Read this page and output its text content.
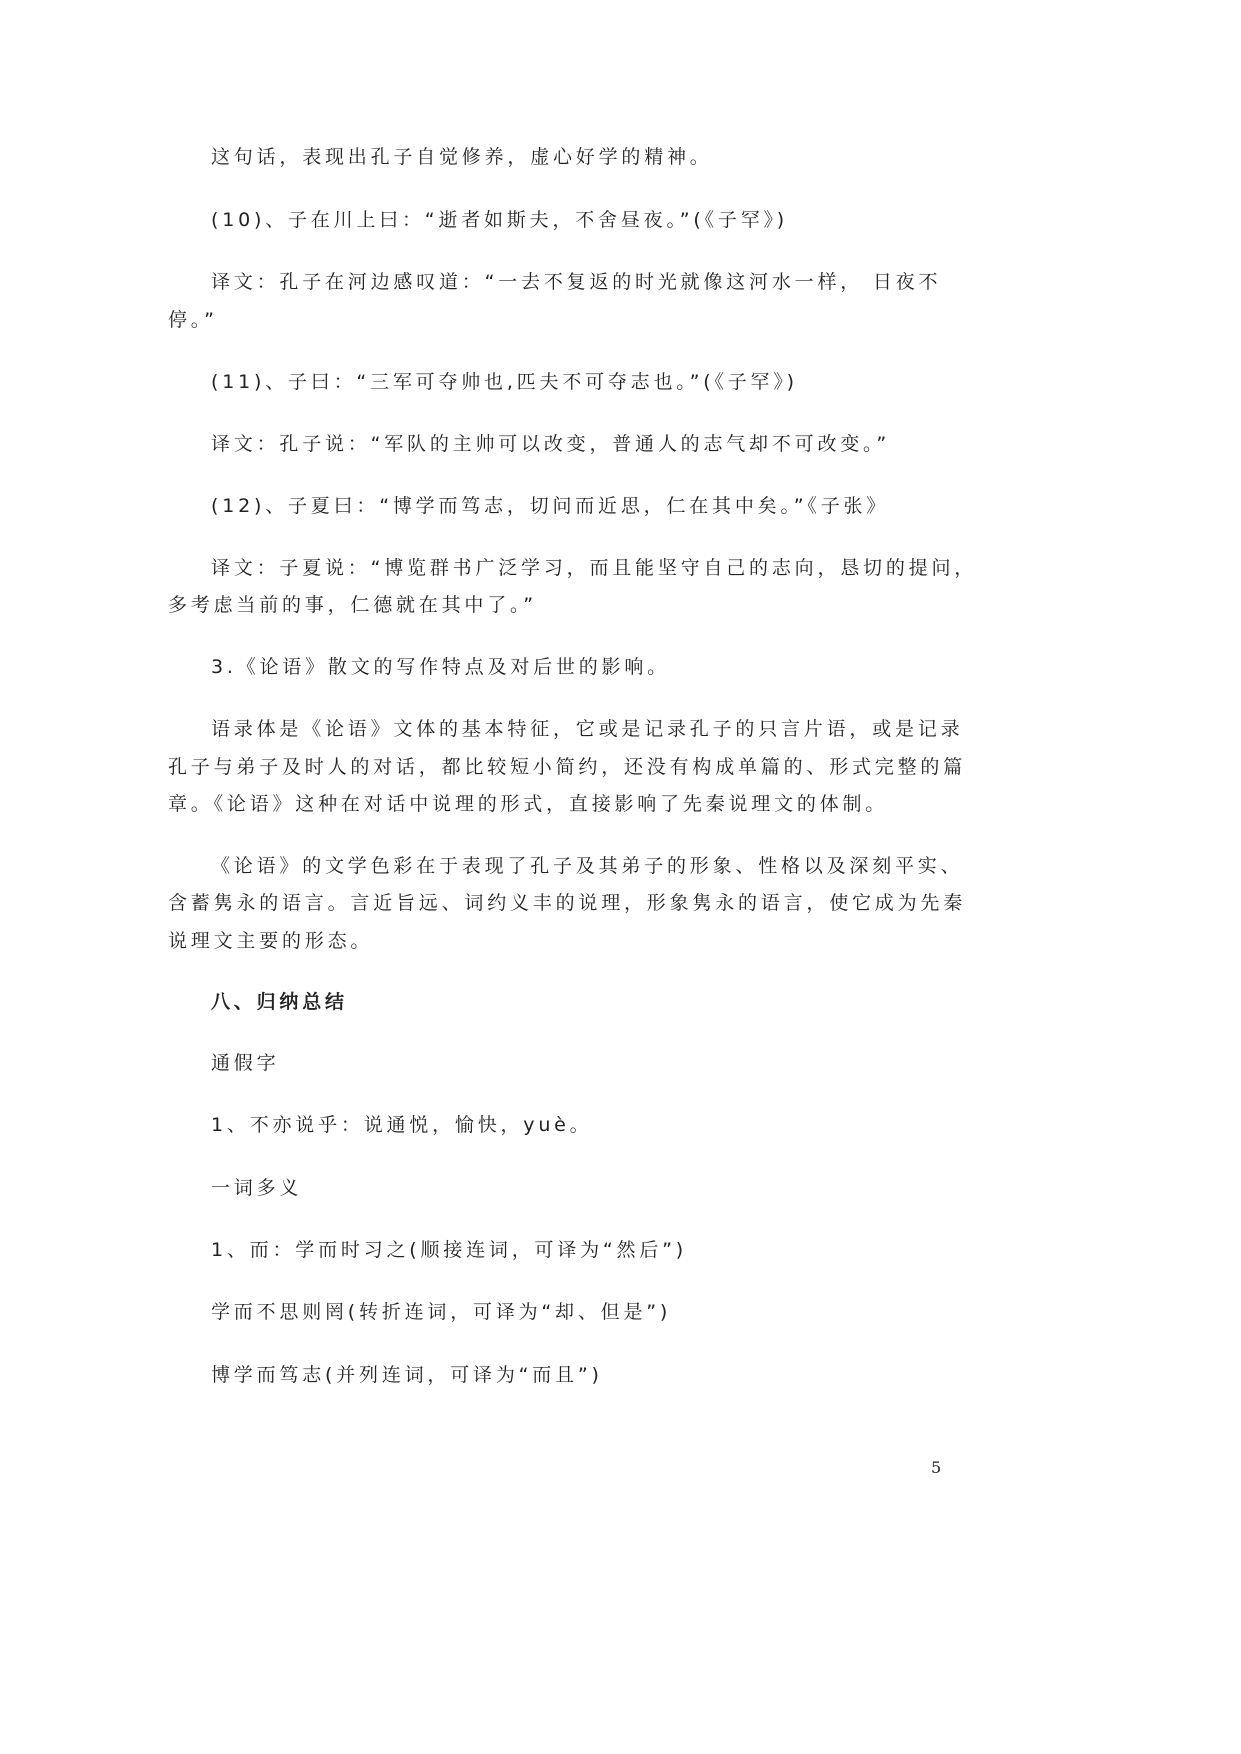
这句话，表现出孔子自觉修养，虚心好学的精神。
(10)、子在川上曰：“逝者如斯夫，不舍昼夜。”(《子罕》)
译文：孔子在河边感叹道：“一去不复返的时光就像这河水一样， 日夜不
停。”
(11)、子曰：“三军可夺帅也,匹夫不可夺志也。”(《子罕》)
译文：孔子说：“军队的主帅可以改变，普通人的志气却不可改变。”
(12)、子夏曰：“博学而笃志，切问而近思，仁在其中矣。”《子张》
译文：子夏说：“博览群书广泛学习，而且能坚守自己的志向，恳切的提问，
多考虑当前的事，仁德就在其中了。”
3.《论语》散文的写作特点及对后世的影响。
语录体是《论语》文体的基本特征，它或是记录孔子的只言片语，或是记录
孔子与弟子及时人的对话，都比较短小简约，还没有构成单篇的、形式完整的篇
章。《论语》这种在对话中说理的形式，直接影响了先秦说理文的体制。
《论语》的文学色彩在于表现了孔子及其弟子的形象、性格以及深刻平实、
含蓄隽永的语言。言近旨远、词约义丰的说理，形象隽永的语言，使它成为先秦
说理文主要的形态。
八、归纳总结
通假字
1、不亦说乎：说通悦，愉快，yuè。
一词多义
1、而：学而时习之(顺接连词，可译为“然后”)
学而不思则罔(转折连词，可译为“却、但是”)
博学而笃志(并列连词，可译为“而且”)
5
